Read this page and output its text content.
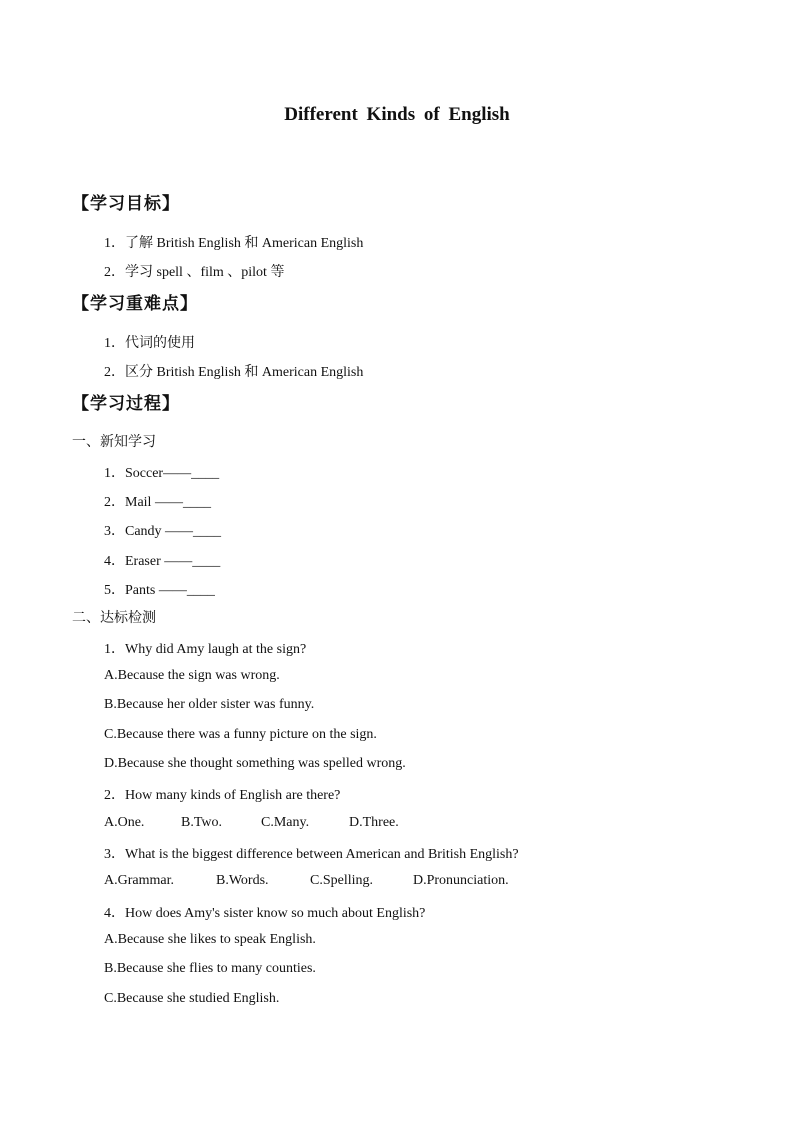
Different Kinds of English
【学习目标】
1．了解 British English 和 American English
2．学习 spell 、film 、pilot 等
【学习重难点】
1．代词的使用
2．区分 British English 和 American English
【学习过程】
一、新知学习
1．Soccer——____
2．Mail ——____
3．Candy ——____
4．Eraser ——____
5．Pants ——____
二、达标检测
1．Why did Amy laugh at the sign?
A.Because the sign was wrong.
B.Because her older sister was funny.
C.Because there was a funny picture on the sign.
D.Because she thought something was spelled wrong.
2．How many kinds of English are there?
A.One.	B.Two.	C.Many.	D.Three.
3．What is the biggest difference between American and British English?
A.Grammar.	B.Words.	C.Spelling.	D.Pronunciation.
4．How does Amy's sister know so much about English?
A.Because she likes to speak English.
B.Because she flies to many counties.
C.Because she studied English.
